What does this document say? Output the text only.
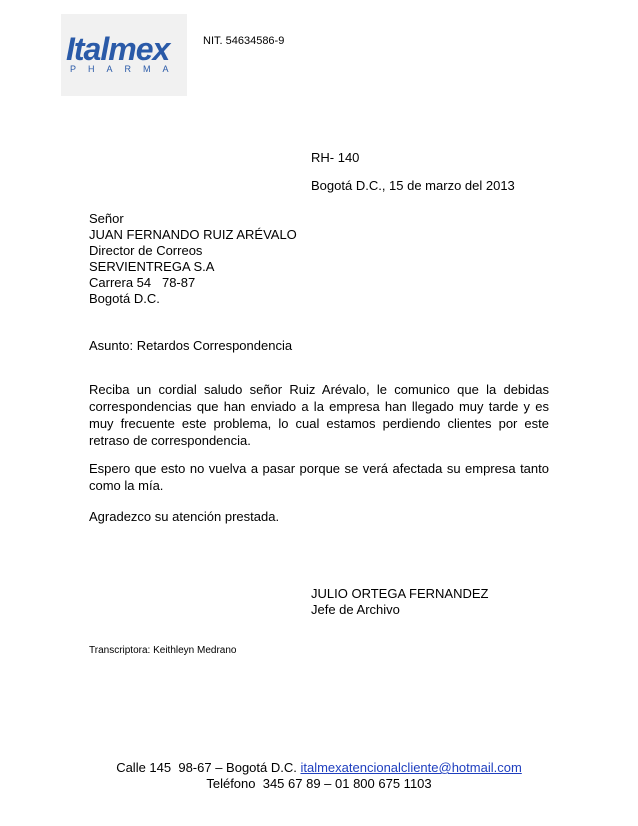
Italmex
PHARMA
NIT. 54634586-9
RH- 140
Bogotá D.C., 15 de marzo del 2013
Señor
JUAN FERNANDO RUIZ ARÉVALO
Director de Correos
SERVIENTREGA S.A
Carrera 54   78-87
Bogotá D.C.
Asunto: Retardos Correspondencia

Reciba un cordial saludo señor Ruiz Arévalo, le comunico que la debidas correspondencias que han enviado a la empresa han llegado muy tarde y es muy frecuente este problema, lo cual estamos perdiendo clientes por este retraso de correspondencia.

Espero que esto no vuelva a pasar porque se verá afectada su empresa tanto como la mía.

Agradezco su atención prestada.

JULIO ORTEGA FERNANDEZ
Jefe de Archivo
Transcriptora: Keithleyn Medrano
Calle 145  98-67 – Bogotá D.C. italmexatencionalcliente@hotmail.com
Teléfono  345 67 89 – 01 800 675 1103
